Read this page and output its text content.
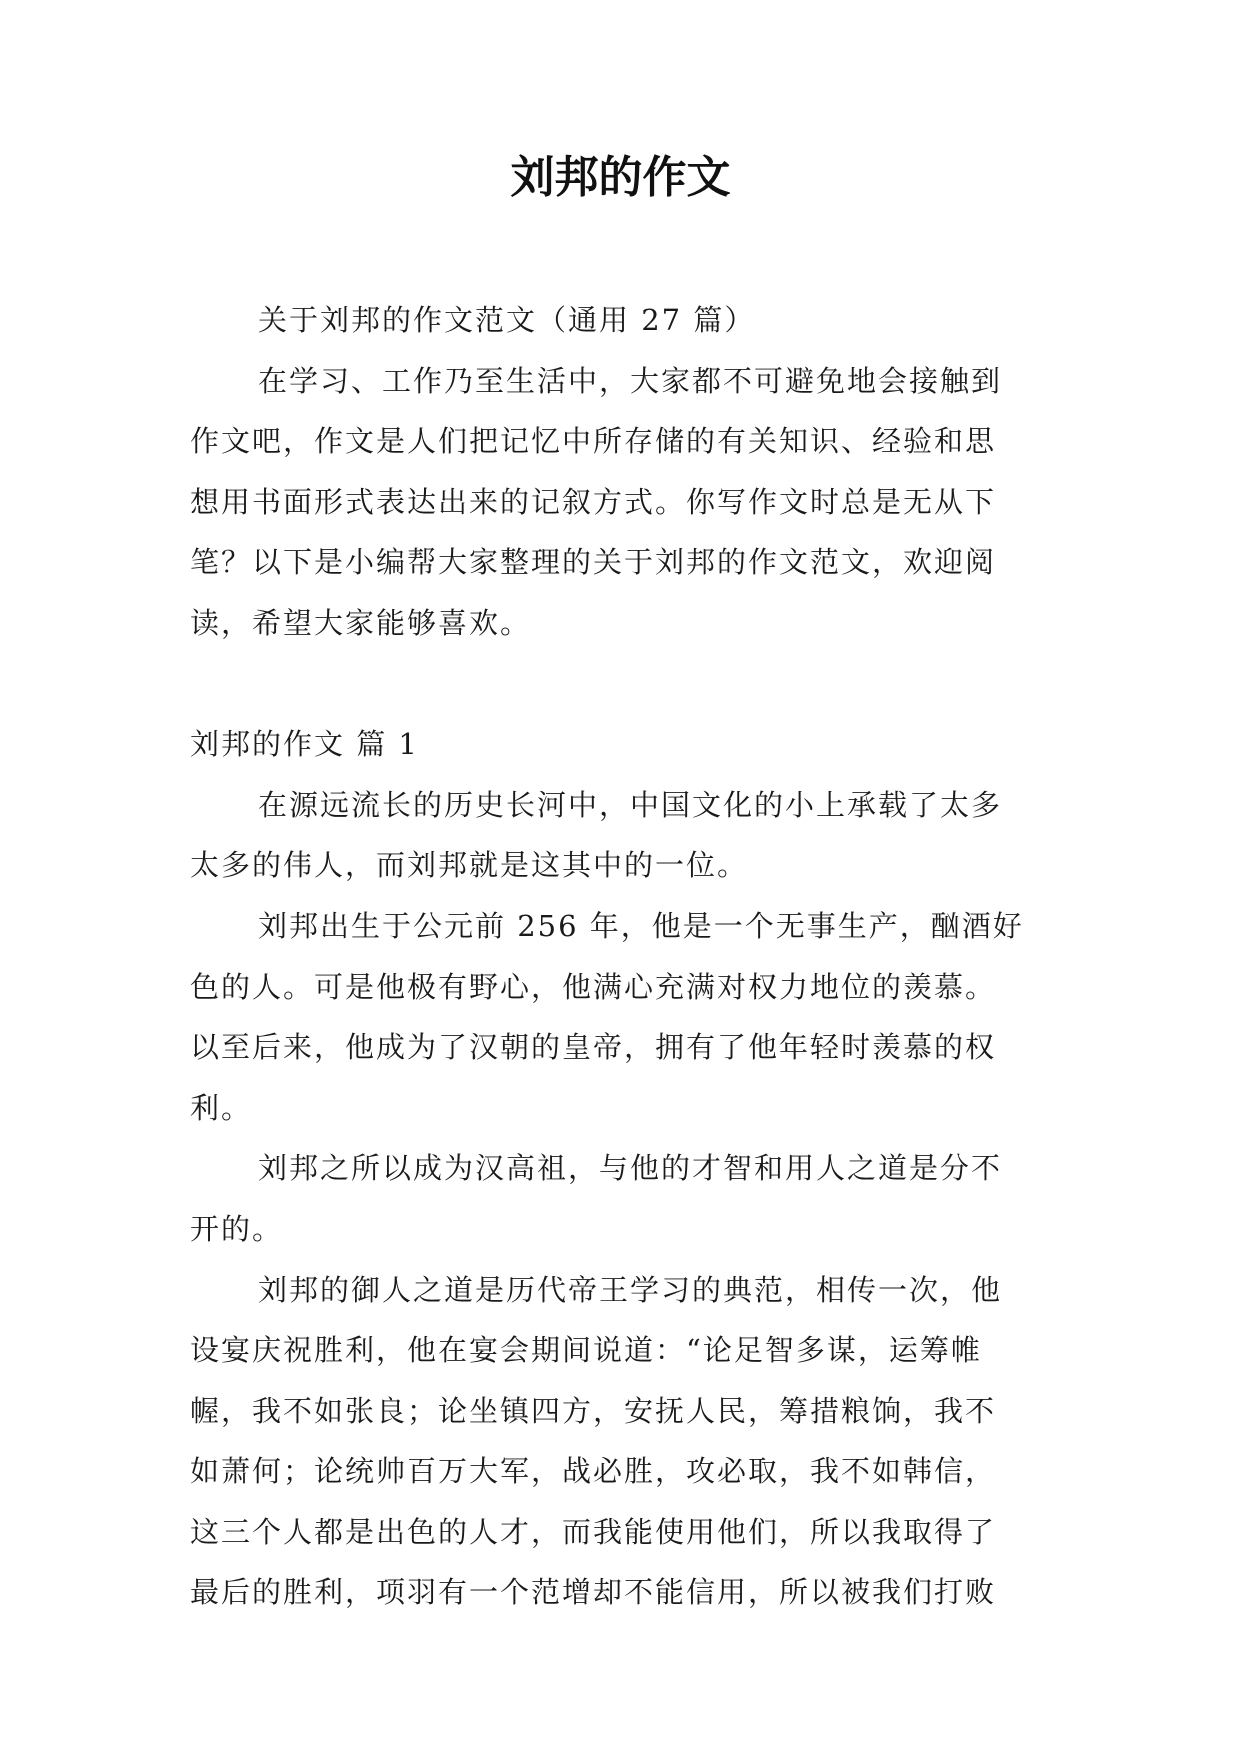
刘邦的作文
关于刘邦的作文范文（通用 27 篇）
在学习、工作乃至生活中，大家都不可避免地会接触到
作文吧，作文是人们把记忆中所存储的有关知识、经验和思
想用书面形式表达出来的记叙方式。你写作文时总是无从下
笔？以下是小编帮大家整理的关于刘邦的作文范文，欢迎阅
读，希望大家能够喜欢。
刘邦的作文 篇 1
在源远流长的历史长河中，中国文化的小上承载了太多
太多的伟人，而刘邦就是这其中的一位。
刘邦出生于公元前 256 年，他是一个无事生产，酗酒好
色的人。可是他极有野心，他满心充满对权力地位的羡慕。
以至后来，他成为了汉朝的皇帝，拥有了他年轻时羡慕的权
利。
刘邦之所以成为汉高祖，与他的才智和用人之道是分不
开的。
刘邦的御人之道是历代帝王学习的典范，相传一次，他
设宴庆祝胜利，他在宴会期间说道：“论足智多谋，运筹帷
幄，我不如张良；论坐镇四方，安抚人民，筹措粮饷，我不
如萧何；论统帅百万大军，战必胜，攻必取，我不如韩信，
这三个人都是出色的人才，而我能使用他们，所以我取得了
最后的胜利，项羽有一个范增却不能信用，所以被我们打败
